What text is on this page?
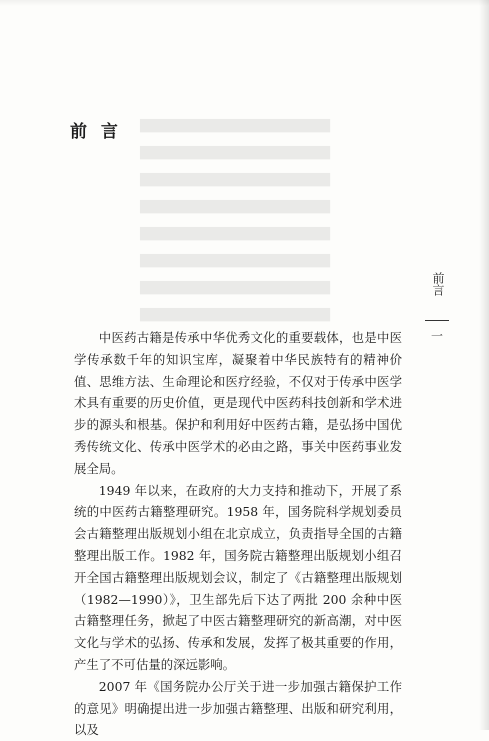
▇▇▇▇▇▇▇▇▇▇▇▇▇▇▇▇▇▇▇
▇▇▇▇▇▇▇▇▇▇▇▇▇▇▇▇▇▇▇
▇▇▇▇▇▇▇▇▇▇▇▇▇▇▇▇▇▇▇
▇▇▇▇▇▇▇▇▇▇▇▇▇▇▇▇▇▇▇
▇▇▇▇▇▇▇▇▇▇▇▇▇▇▇▇▇▇▇
▇▇▇▇▇▇▇▇▇▇▇▇▇▇▇▇▇▇▇
▇▇▇▇▇▇▇▇▇▇▇▇▇▇▇▇▇▇▇
▇▇▇▇▇▇▇▇▇▇▇▇▇▇▇▇▇▇▇
前 言

中医药古籍是传承中华优秀文化的重要载体，也是中医学传承数千年的知识宝库，凝聚着中华民族特有的精神价值、思维方法、生命理论和医疗经验，不仅对于传承中医学术具有重要的历史价值，更是现代中医药科技创新和学术进步的源头和根基。保护和利用好中医药古籍，是弘扬中国优秀传统文化、传承中医学术的必由之路，事关中医药事业发展全局。

1949 年以来，在政府的大力支持和推动下，开展了系统的中医药古籍整理研究。1958 年，国务院科学规划委员会古籍整理出版规划小组在北京成立，负责指导全国的古籍整理出版工作。1982 年，国务院古籍整理出版规划小组召开全国古籍整理出版规划会议，制定了《古籍整理出版规划（1982—1990）》，卫生部先后下达了两批 200 余种中医古籍整理任务，掀起了中医古籍整理研究的新高潮，对中医文化与学术的弘扬、传承和发展，发挥了极其重要的作用，产生了不可估量的深远影响。

2007 年《国务院办公厅关于进一步加强古籍保护工作的意见》明确提出进一步加强古籍整理、出版和研究利用，以及

前言
一
